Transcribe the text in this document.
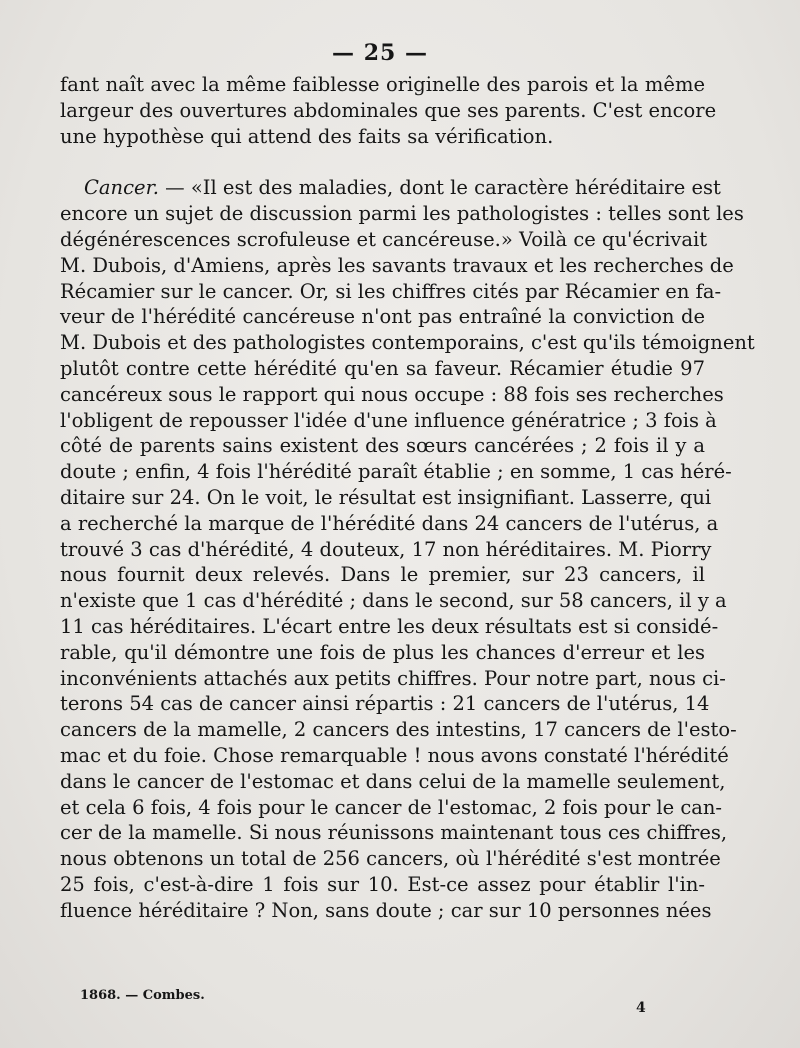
— 25 —
fant naît avec la même faiblesse originelle des parois et la même
largeur des ouvertures abdominales que ses parents. C'est encore
une hypothèse qui attend des faits sa vérification.
Cancer. — «Il est des maladies, dont le caractère héréditaire est
encore un sujet de discussion parmi les pathologistes : telles sont les
dégénérescences scrofuleuse et cancéreuse.» Voilà ce qu'écrivait
M. Dubois, d'Amiens, après les savants travaux et les recherches de
Récamier sur le cancer. Or, si les chiffres cités par Récamier en fa-
veur de l'hérédité cancéreuse n'ont pas entraîné la conviction de
M. Dubois et des pathologistes contemporains, c'est qu'ils témoignent
plutôt contre cette hérédité qu'en sa faveur. Récamier étudie 97
cancéreux sous le rapport qui nous occupe : 88 fois ses recherches
l'obligent de repousser l'idée d'une influence génératrice ; 3 fois à
côté de parents sains existent des sœurs cancérées ; 2 fois il y a
doute ; enfin, 4 fois l'hérédité paraît établie ; en somme, 1 cas héré-
ditaire sur 24. On le voit, le résultat est insignifiant. Lasserre, qui
a recherché la marque de l'hérédité dans 24 cancers de l'utérus, a
trouvé 3 cas d'hérédité, 4 douteux, 17 non héréditaires. M. Piorry
nous fournit deux relevés. Dans le premier, sur 23 cancers, il
n'existe que 1 cas d'hérédité ; dans le second, sur 58 cancers, il y a
11 cas héréditaires. L'écart entre les deux résultats est si considé-
rable, qu'il démontre une fois de plus les chances d'erreur et les
inconvénients attachés aux petits chiffres. Pour notre part, nous ci-
terons 54 cas de cancer ainsi répartis : 21 cancers de l'utérus, 14
cancers de la mamelle, 2 cancers des intestins, 17 cancers de l'esto-
mac et du foie. Chose remarquable ! nous avons constaté l'hérédité
dans le cancer de l'estomac et dans celui de la mamelle seulement,
et cela 6 fois, 4 fois pour le cancer de l'estomac, 2 fois pour le can-
cer de la mamelle. Si nous réunissons maintenant tous ces chiffres,
nous obtenons un total de 256 cancers, où l'hérédité s'est montrée
25 fois, c'est-à-dire 1 fois sur 10. Est-ce assez pour établir l'in-
fluence héréditaire ? Non, sans doute ; car sur 10 personnes nées
1868. — Combes.
4
